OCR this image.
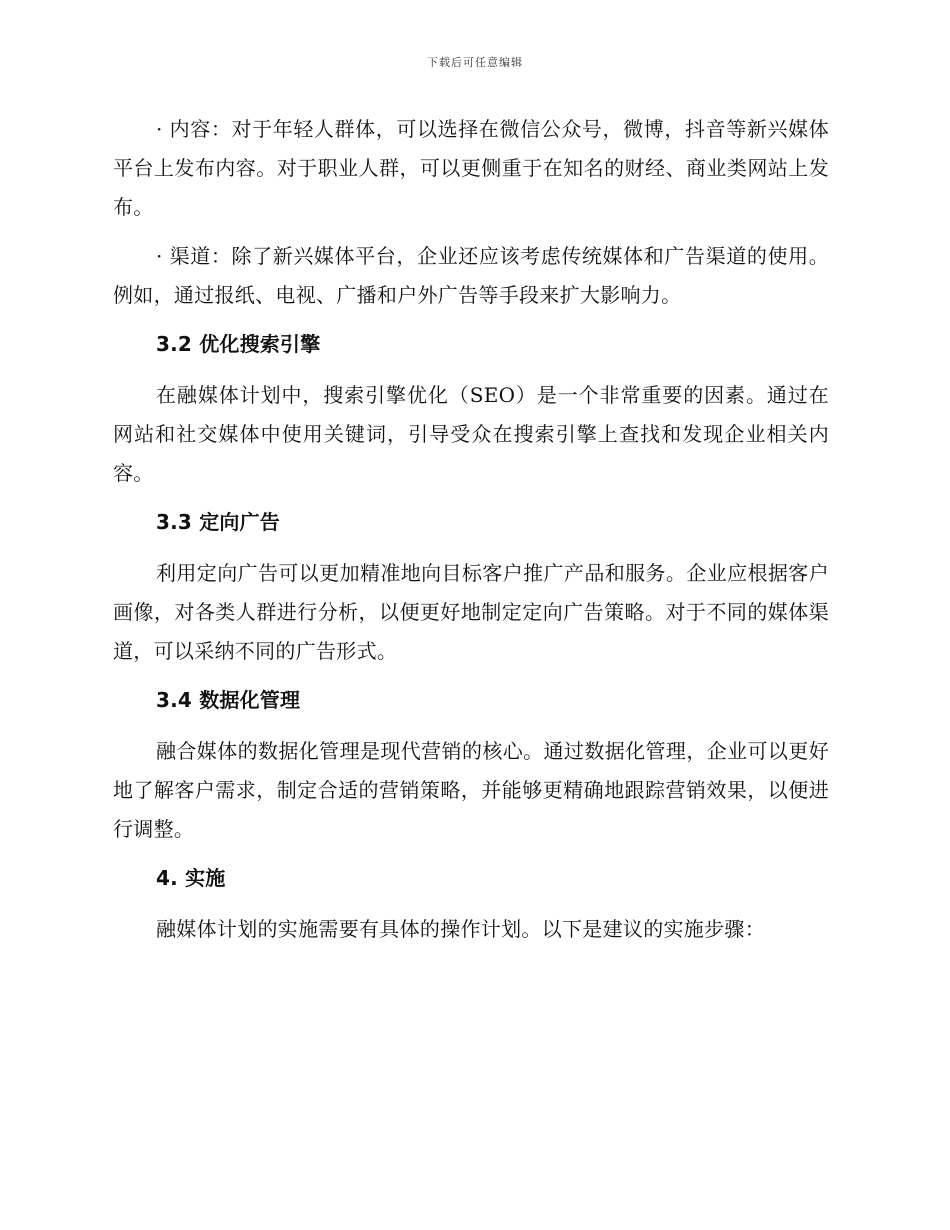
下载后可任意编辑

· 内容：对于年轻人群体，可以选择在微信公众号，微博，抖音等新兴媒体平台上发布内容。对于职业人群，可以更侧重于在知名的财经、商业类网站上发布。

· 渠道：除了新兴媒体平台，企业还应该考虑传统媒体和广告渠道的使用。例如，通过报纸、电视、广播和户外广告等手段来扩大影响力。

3.2 优化搜索引擎

在融媒体计划中，搜索引擎优化（SEO）是一个非常重要的因素。通过在网站和社交媒体中使用关键词，引导受众在搜索引擎上查找和发现企业相关内容。

3.3 定向广告

利用定向广告可以更加精准地向目标客户推广产品和服务。企业应根据客户画像，对各类人群进行分析，以便更好地制定定向广告策略。对于不同的媒体渠道，可以采纳不同的广告形式。

3.4 数据化管理

融合媒体的数据化管理是现代营销的核心。通过数据化管理，企业可以更好地了解客户需求，制定合适的营销策略，并能够更精确地跟踪营销效果，以便进行调整。

4. 实施

融媒体计划的实施需要有具体的操作计划。以下是建议的实施步骤：
